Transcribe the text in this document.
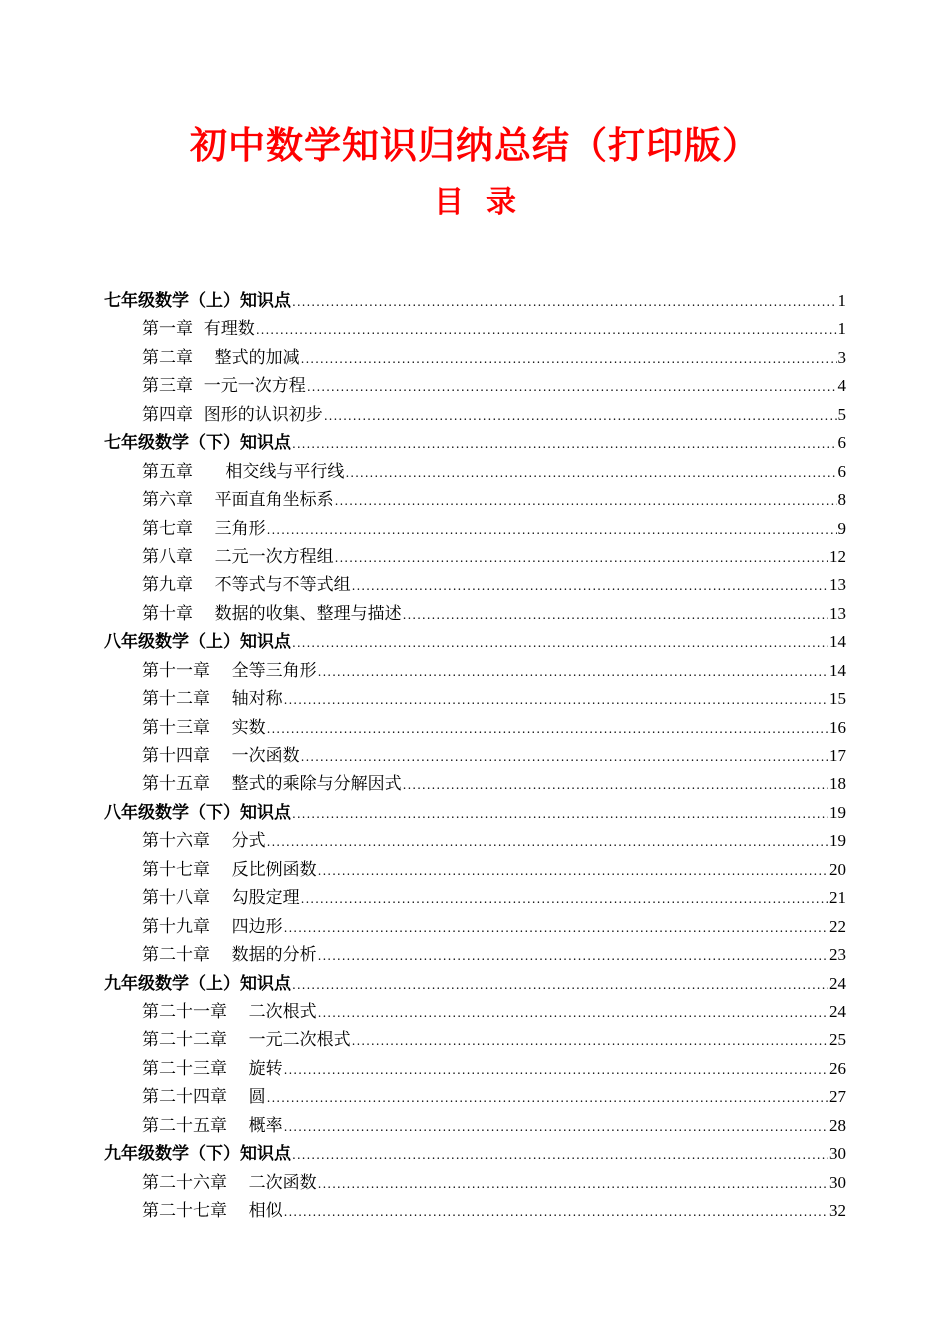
初中数学知识归纳总结（打印版）
目录
七年级数学（上）知识点 .....	1
第一章  有理数 .....	1
第二章    整式的加减 .....	3
第三章  一元一次方程 .....	4
第四章  图形的认识初步 .....	5
七年级数学（下）知识点 .....	6
第五章      相交线与平行线 .....	6
第六章    平面直角坐标系 .....	8
第七章    三角形 .....	9
第八章    二元一次方程组 .....	12
第九章    不等式与不等式组 .....	13
第十章    数据的收集、整理与描述 .....	13
八年级数学（上）知识点 .....	14
第十一章    全等三角形 .....	14
第十二章    轴对称 .....	15
第十三章    实数 .....	16
第十四章    一次函数 .....	17
第十五章    整式的乘除与分解因式 .....	18
八年级数学（下）知识点 .....	19
第十六章    分式 .....	19
第十七章    反比例函数 .....	20
第十八章    勾股定理 .....	21
第十九章    四边形 .....	22
第二十章    数据的分析 .....	23
九年级数学（上）知识点 .....	24
第二十一章    二次根式 .....	24
第二十二章    一元二次根式 .....	25
第二十三章    旋转 .....	26
第二十四章    圆 .....	27
第二十五章    概率 .....	28
九年级数学（下）知识点 .....	30
第二十六章    二次函数 .....	30
第二十七章    相似 .....	32
